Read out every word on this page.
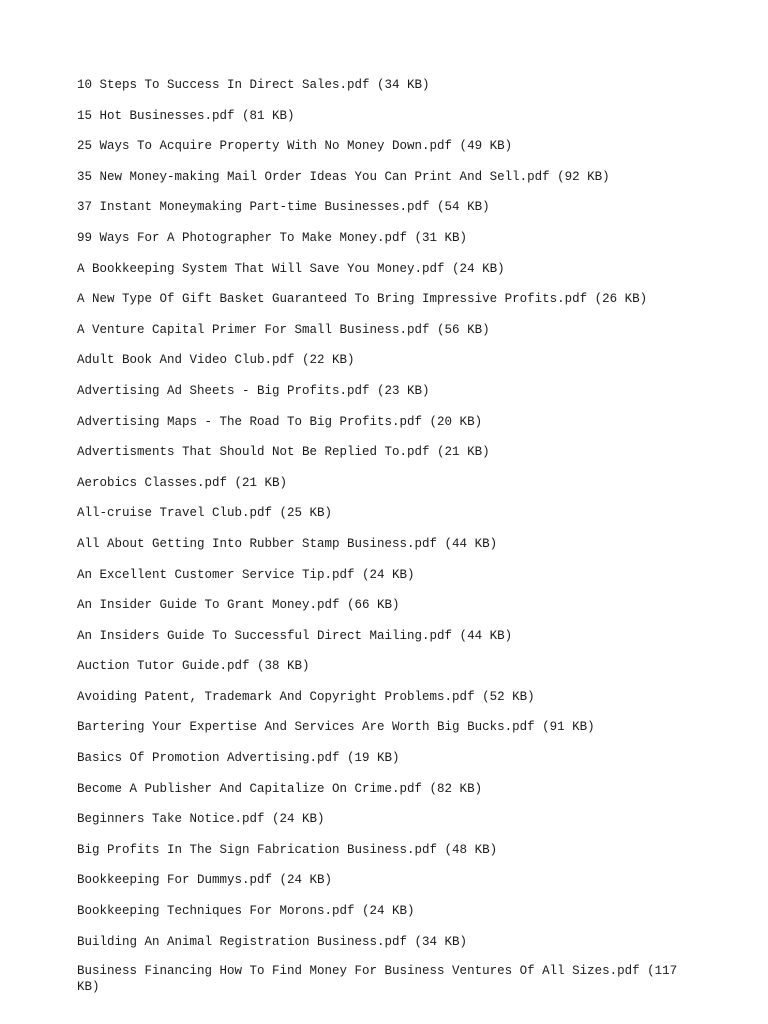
10 Steps To Success In Direct Sales.pdf (34 KB)
15 Hot Businesses.pdf (81 KB)
25 Ways To Acquire Property With No Money Down.pdf (49 KB)
35 New Money-making Mail Order Ideas You Can Print And Sell.pdf (92 KB)
37 Instant Moneymaking Part-time Businesses.pdf (54 KB)
99 Ways For A Photographer To Make Money.pdf (31 KB)
A Bookkeeping System That Will Save You Money.pdf (24 KB)
A New Type Of Gift Basket Guaranteed To Bring Impressive Profits.pdf (26 KB)
A Venture Capital Primer For Small Business.pdf (56 KB)
Adult Book And Video Club.pdf (22 KB)
Advertising Ad Sheets - Big Profits.pdf (23 KB)
Advertising Maps - The Road To Big Profits.pdf (20 KB)
Advertisments That Should Not Be Replied To.pdf (21 KB)
Aerobics Classes.pdf (21 KB)
All-cruise Travel Club.pdf (25 KB)
All About Getting Into Rubber Stamp Business.pdf (44 KB)
An Excellent Customer Service Tip.pdf (24 KB)
An Insider Guide To Grant Money.pdf (66 KB)
An Insiders Guide To Successful Direct Mailing.pdf (44 KB)
Auction Tutor Guide.pdf (38 KB)
Avoiding Patent, Trademark And Copyright Problems.pdf (52 KB)
Bartering Your Expertise And Services Are Worth Big Bucks.pdf (91 KB)
Basics Of Promotion Advertising.pdf (19 KB)
Become A Publisher And Capitalize On Crime.pdf (82 KB)
Beginners Take Notice.pdf (24 KB)
Big Profits In The Sign Fabrication Business.pdf (48 KB)
Bookkeeping For Dummys.pdf (24 KB)
Bookkeeping Techniques For Morons.pdf (24 KB)
Building An Animal Registration Business.pdf (34 KB)
Business Financing How To Find Money For Business Ventures Of All Sizes.pdf (117 KB)
